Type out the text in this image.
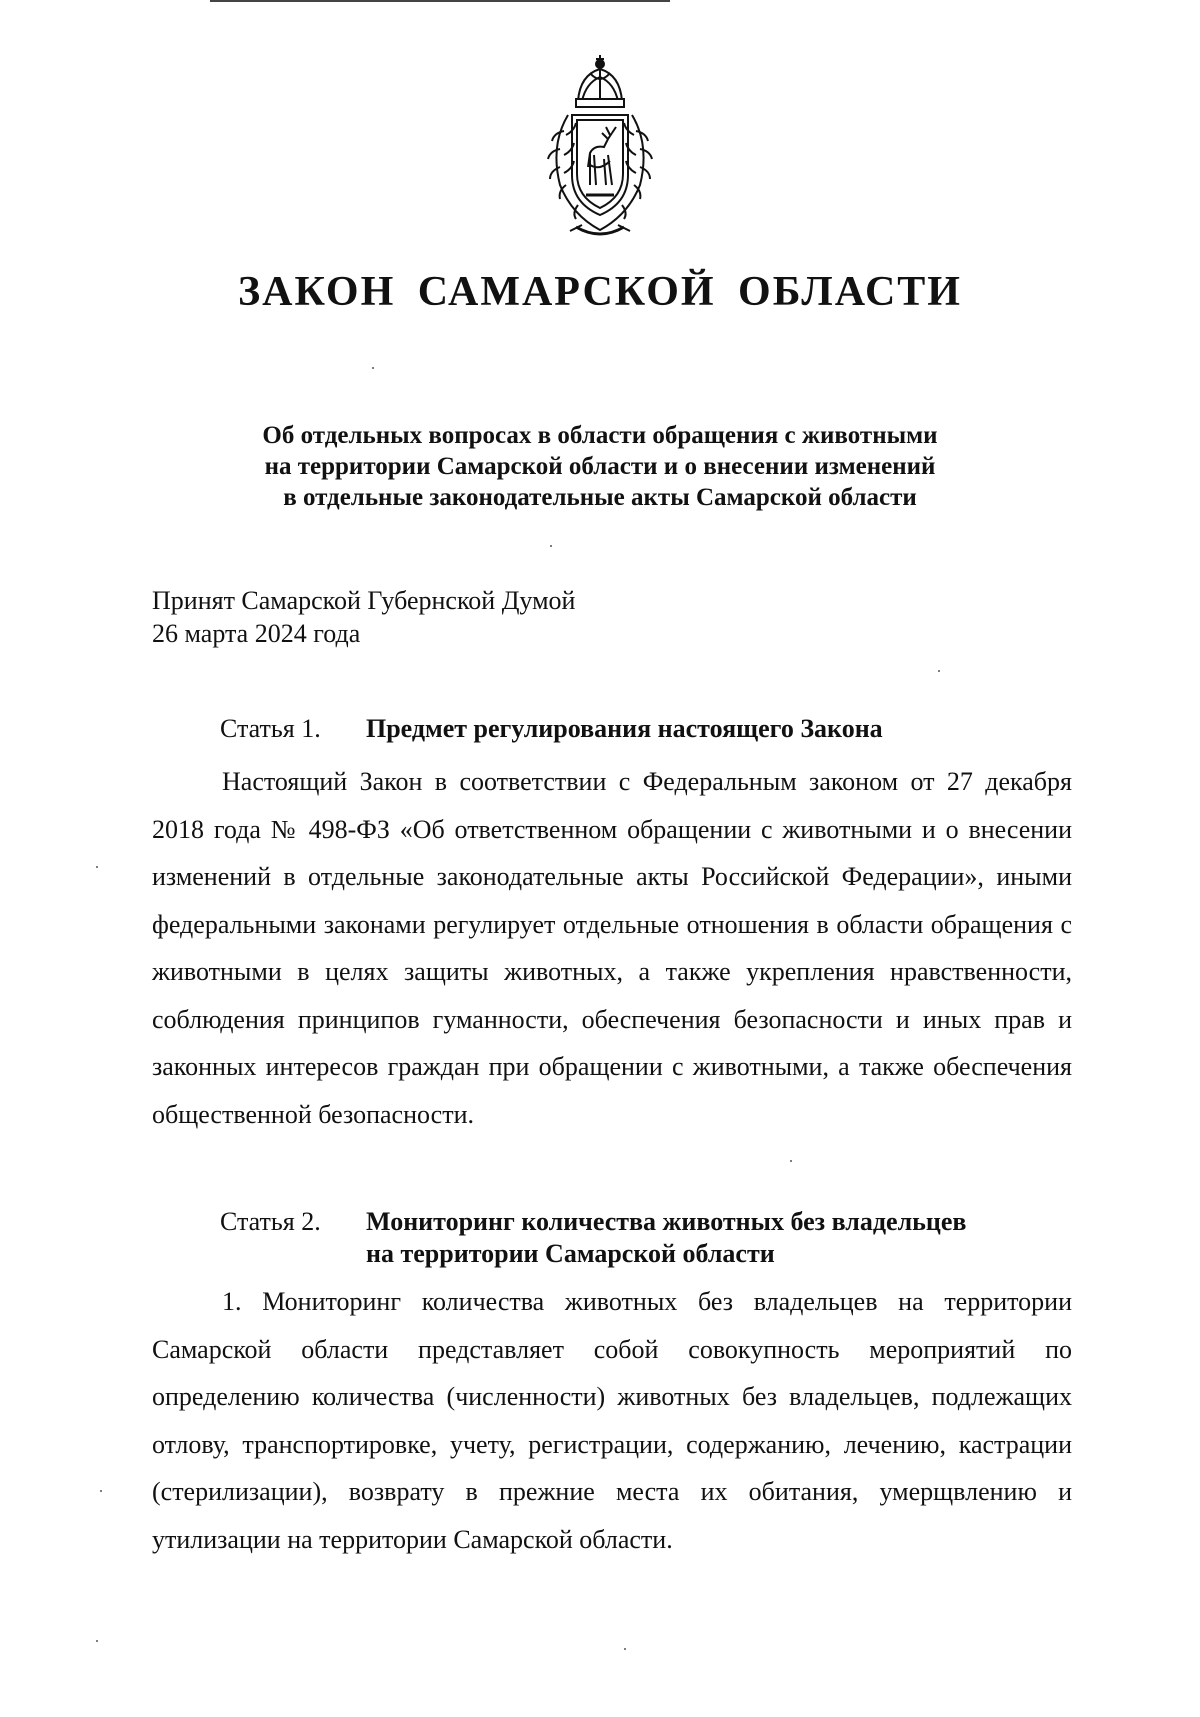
ЗАКОН САМАРСКОЙ ОБЛАСТИ
Об отдельных вопросах в области обращения с животными
на территории Самарской области и о внесении изменений
в отдельные законодательные акты Самарской области
Принят Самарской Губернской Думой
26 марта 2024 года
Статья 1.	Предмет регулирования настоящего Закона

Настоящий Закон в соответствии с Федеральным законом от 27 декабря 2018 года № 498-ФЗ «Об ответственном обращении с животными и о внесении изменений в отдельные законодательные акты Российской Федерации», иными федеральными законами регулирует отдельные отношения в области обращения с животными в целях защиты животных, а также укрепления нравственности, соблюдения принципов гуманности, обеспечения безопасности и иных прав и законных интересов граждан при обращении с животными, а также обеспечения общественной безопасности.

Статья 2.	Мониторинг количества животных без владельцев
на территории Самарской области

1. Мониторинг количества животных без владельцев на территории Самарской области представляет собой совокупность мероприятий по определению количества (численности) животных без владельцев, подлежащих отлову, транспортировке, учету, регистрации, содержанию, лечению, кастрации (стерилизации), возврату в прежние места их обитания, умерщвлению и утилизации на территории Самарской области.
